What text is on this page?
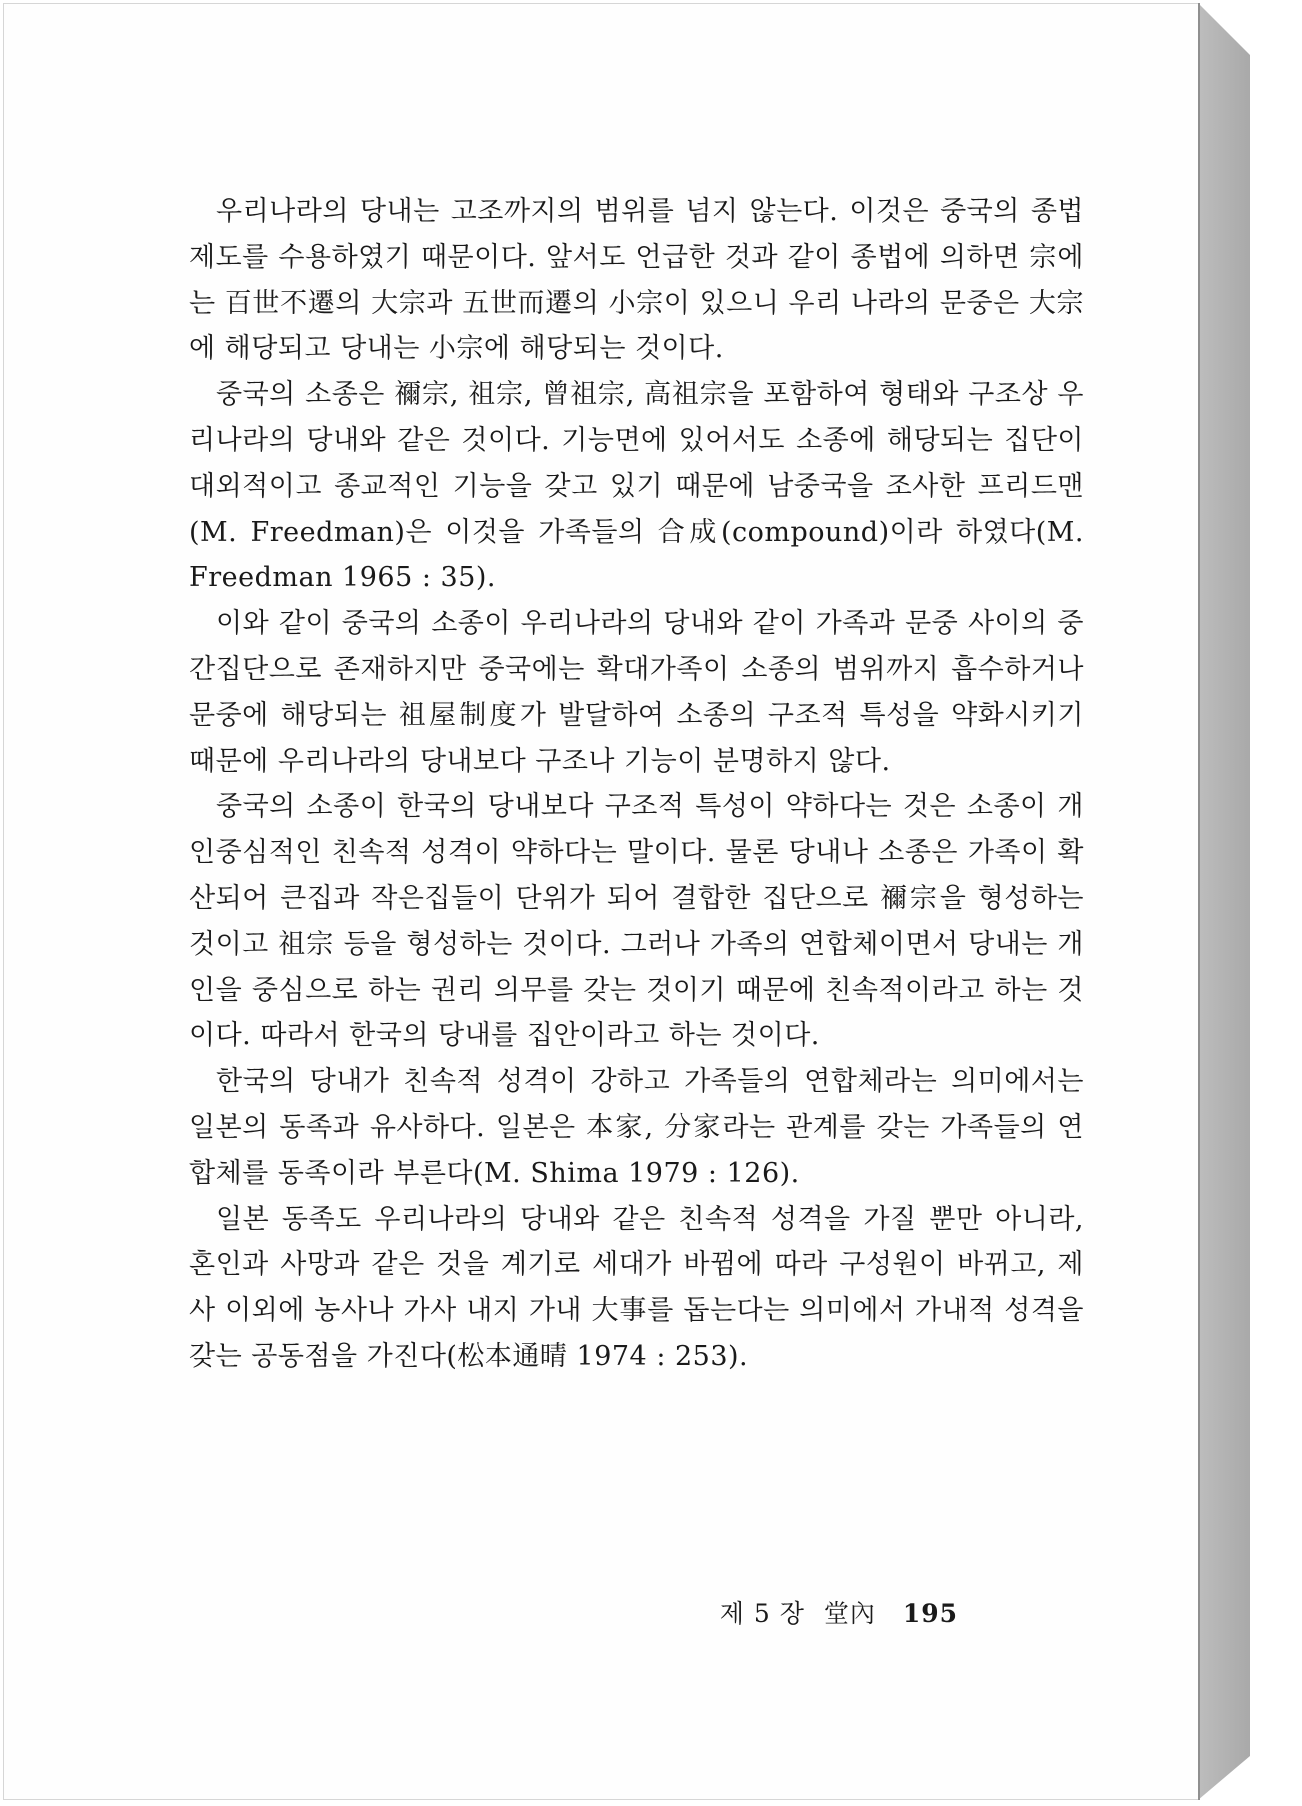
우리나라의 당내는 고조까지의 범위를 넘지 않는다. 이것은 중국의 종법제도를 수용하였기 때문이다. 앞서도 언급한 것과 같이 종법에 의하면 宗에는 百世不遷의 大宗과 五世而遷의 小宗이 있으니 우리 나라의 문중은 大宗에 해당되고 당내는 小宗에 해당되는 것이다.

중국의 소종은 禰宗, 祖宗, 曾祖宗, 高祖宗을 포함하여 형태와 구조상 우리나라의 당내와 같은 것이다. 기능면에 있어서도 소종에 해당되는 집단이 대외적이고 종교적인 기능을 갖고 있기 때문에 남중국을 조사한 프리드맨(M. Freedman)은 이것을 가족들의 合成(compound)이라 하였다(M. Freedman 1965 : 35).

이와 같이 중국의 소종이 우리나라의 당내와 같이 가족과 문중 사이의 중간집단으로 존재하지만 중국에는 확대가족이 소종의 범위까지 흡수하거나 문중에 해당되는 祖屋制度가 발달하여 소종의 구조적 특성을 약화시키기 때문에 우리나라의 당내보다 구조나 기능이 분명하지 않다.

중국의 소종이 한국의 당내보다 구조적 특성이 약하다는 것은 소종이 개인중심적인 친속적 성격이 약하다는 말이다. 물론 당내나 소종은 가족이 확산되어 큰집과 작은집들이 단위가 되어 결합한 집단으로 禰宗을 형성하는 것이고 祖宗 등을 형성하는 것이다. 그러나 가족의 연합체이면서 당내는 개인을 중심으로 하는 권리 의무를 갖는 것이기 때문에 친속적이라고 하는 것이다. 따라서 한국의 당내를 집안이라고 하는 것이다.

한국의 당내가 친속적 성격이 강하고 가족들의 연합체라는 의미에서는 일본의 동족과 유사하다. 일본은 本家, 分家라는 관계를 갖는 가족들의 연합체를 동족이라 부른다(M. Shima 1979 : 126).

일본 동족도 우리나라의 당내와 같은 친속적 성격을 가질 뿐만 아니라, 혼인과 사망과 같은 것을 계기로 세대가 바뀜에 따라 구성원이 바뀌고, 제사 이외에 농사나 가사 내지 가내 大事를 돕는다는 의미에서 가내적 성격을 갖는 공동점을 가진다(松本通晴 1974 : 253).

제 5 장 堂內 195
